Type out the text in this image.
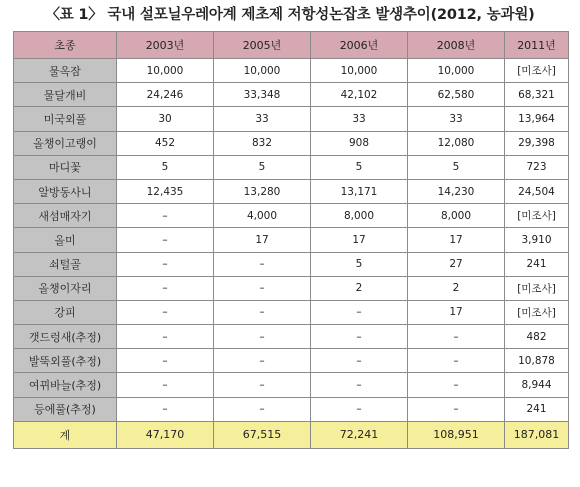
〈표 1〉 국내 설포닐우레아계 제초제 저항성논잡초 발생추이(2012, 농과원)
초종	2003년	2005년	2006년	2008년	2011년
물옥잠	10,000	10,000	10,000	10,000	[미조사]
물달개비	24,246	33,348	42,102	62,580	68,321
미국외풀	30	33	33	33	13,964
올챙이고랭이	452	832	908	12,080	29,398
마디꽃	5	5	5	5	723
알방동사니	12,435	13,280	13,171	14,230	24,504
새섬매자기	–	4,000	8,000	8,000	[미조사]
올미	–	17	17	17	3,910
쇠털골	–	–	5	27	241
올챙이자리	–	–	2	2	[미조사]
강피	–	–	–	17	[미조사]
갯드렁새(추정)	–	–	–	–	482
발뚝외풀(추정)	–	–	–	–	10,878
여뀌바늘(추정)	–	–	–	–	8,944
등에풀(추정)	–	–	–	–	241
계	47,170	67,515	72,241	108,951	187,081
